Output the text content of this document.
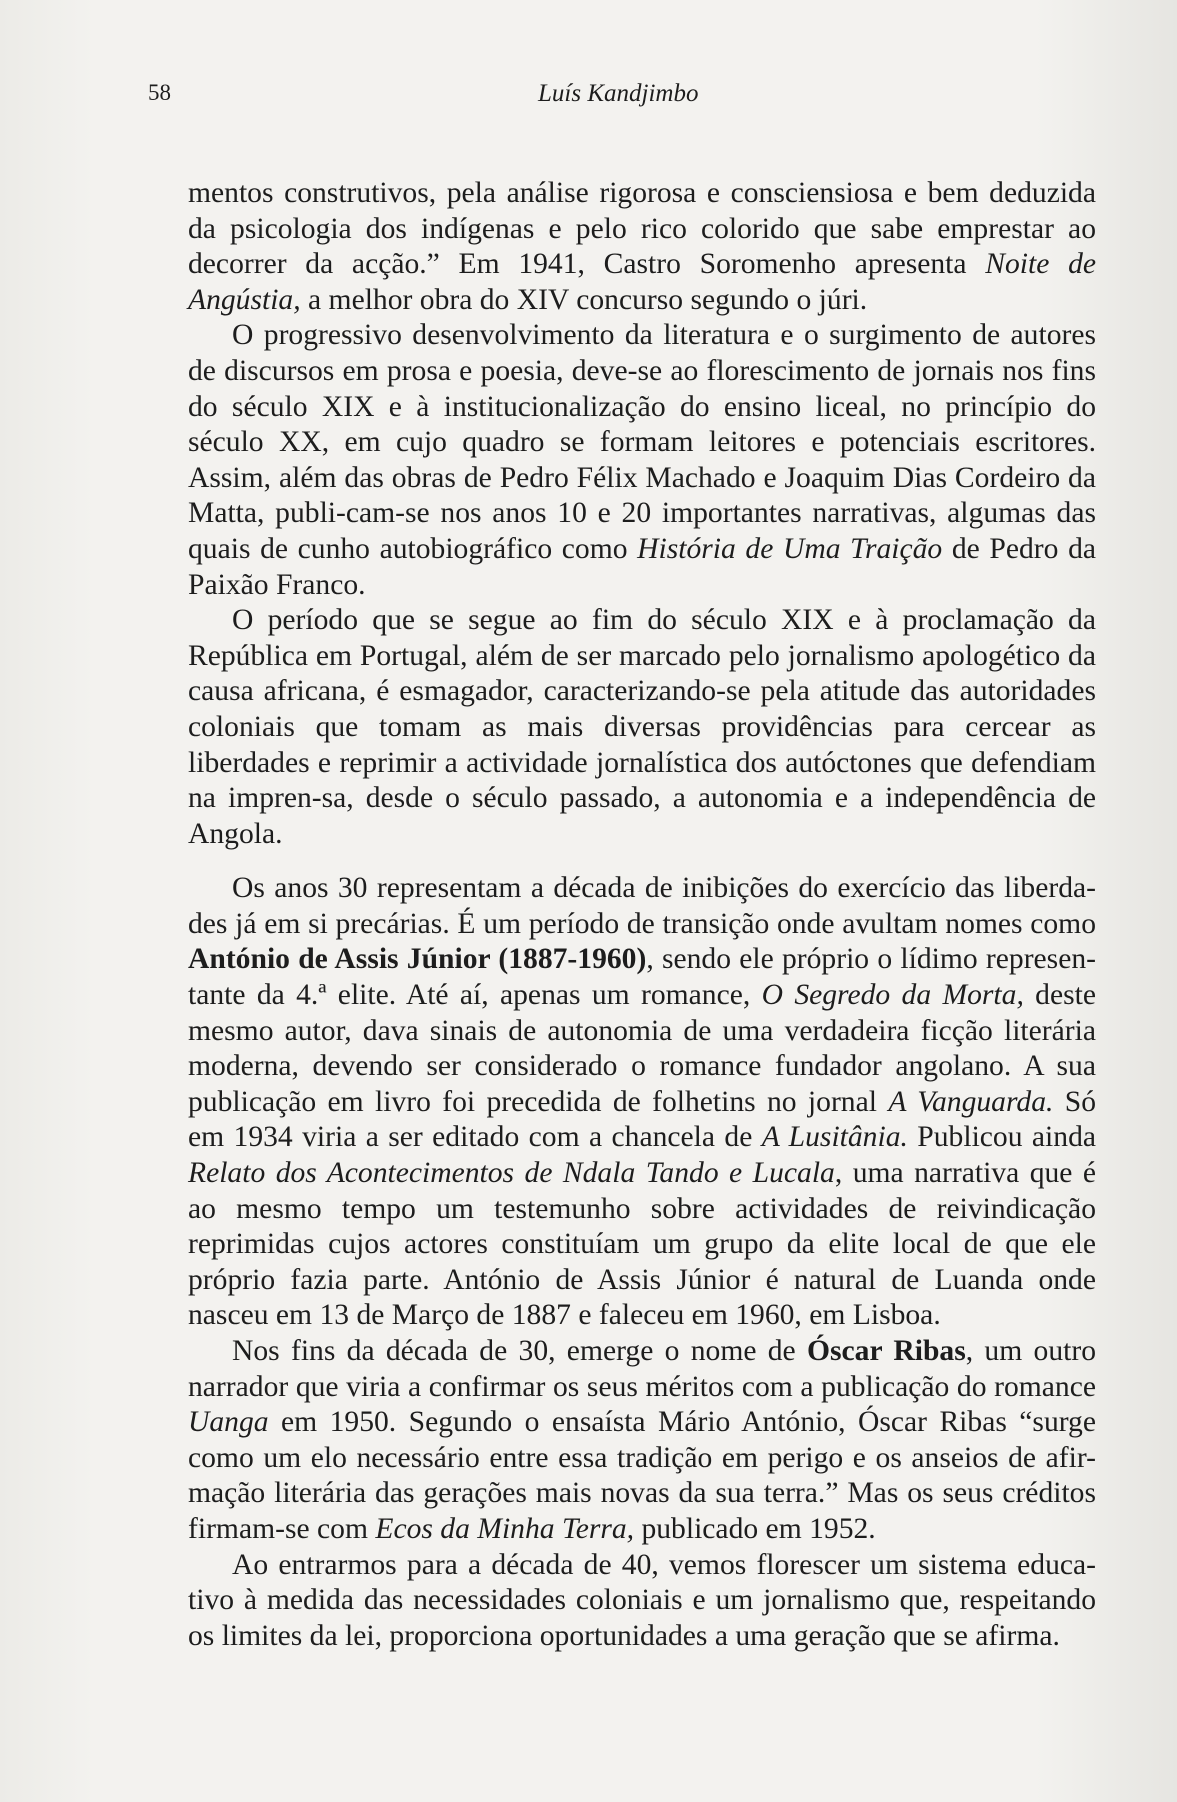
58	Luís Kandjimbo

mentos construtivos, pela análise rigorosa e consciensiosa e bem deduzida da psicologia dos indígenas e pelo rico colorido que sabe emprestar ao decorrer da acção.” Em 1941, Castro Soromenho apresenta Noite de Angústia, a melhor obra do XIV concurso segundo o júri.

O progressivo desenvolvimento da literatura e o surgimento de autores de discursos em prosa e poesia, deve-se ao florescimento de jornais nos fins do século XIX e à institucionalização do ensino liceal, no princípio do século XX, em cujo quadro se formam leitores e potenciais escritores. Assim, além das obras de Pedro Félix Machado e Joaquim Dias Cordeiro da Matta, publi-cam-se nos anos 10 e 20 importantes narrativas, algumas das quais de cunho autobiográfico como História de Uma Traição de Pedro da Paixão Franco.

O período que se segue ao fim do século XIX e à proclamação da República em Portugal, além de ser marcado pelo jornalismo apologético da causa africana, é esmagador, caracterizando-se pela atitude das autoridades coloniais que tomam as mais diversas providências para cercear as liberdades e reprimir a actividade jornalística dos autóctones que defendiam na impren-sa, desde o século passado, a autonomia e a independência de Angola.

Os anos 30 representam a década de inibições do exercício das liberda-des já em si precárias. É um período de transição onde avultam nomes como António de Assis Júnior (1887-1960), sendo ele próprio o lídimo represen-tante da 4.ª elite. Até aí, apenas um romance, O Segredo da Morta, deste mesmo autor, dava sinais de autonomia de uma verdadeira ficção literária moderna, devendo ser considerado o romance fundador angolano. A sua publicação em livro foi precedida de folhetins no jornal A Vanguarda. Só em 1934 viria a ser editado com a chancela de A Lusitânia. Publicou ainda Relato dos Acontecimentos de Ndala Tando e Lucala, uma narrativa que é ao mesmo tempo um testemunho sobre actividades de reivindicação reprimidas cujos actores constituíam um grupo da elite local de que ele próprio fazia parte. António de Assis Júnior é natural de Luanda onde nasceu em 13 de Março de 1887 e faleceu em 1960, em Lisboa.

Nos fins da década de 30, emerge o nome de Óscar Ribas, um outro narrador que viria a confirmar os seus méritos com a publicação do romance Uanga em 1950. Segundo o ensaísta Mário António, Óscar Ribas “surge como um elo necessário entre essa tradição em perigo e os anseios de afir-mação literária das gerações mais novas da sua terra.” Mas os seus créditos firmam-se com Ecos da Minha Terra, publicado em 1952.

Ao entrarmos para a década de 40, vemos florescer um sistema educa-tivo à medida das necessidades coloniais e um jornalismo que, respeitando os limites da lei, proporciona oportunidades a uma geração que se afirma.
